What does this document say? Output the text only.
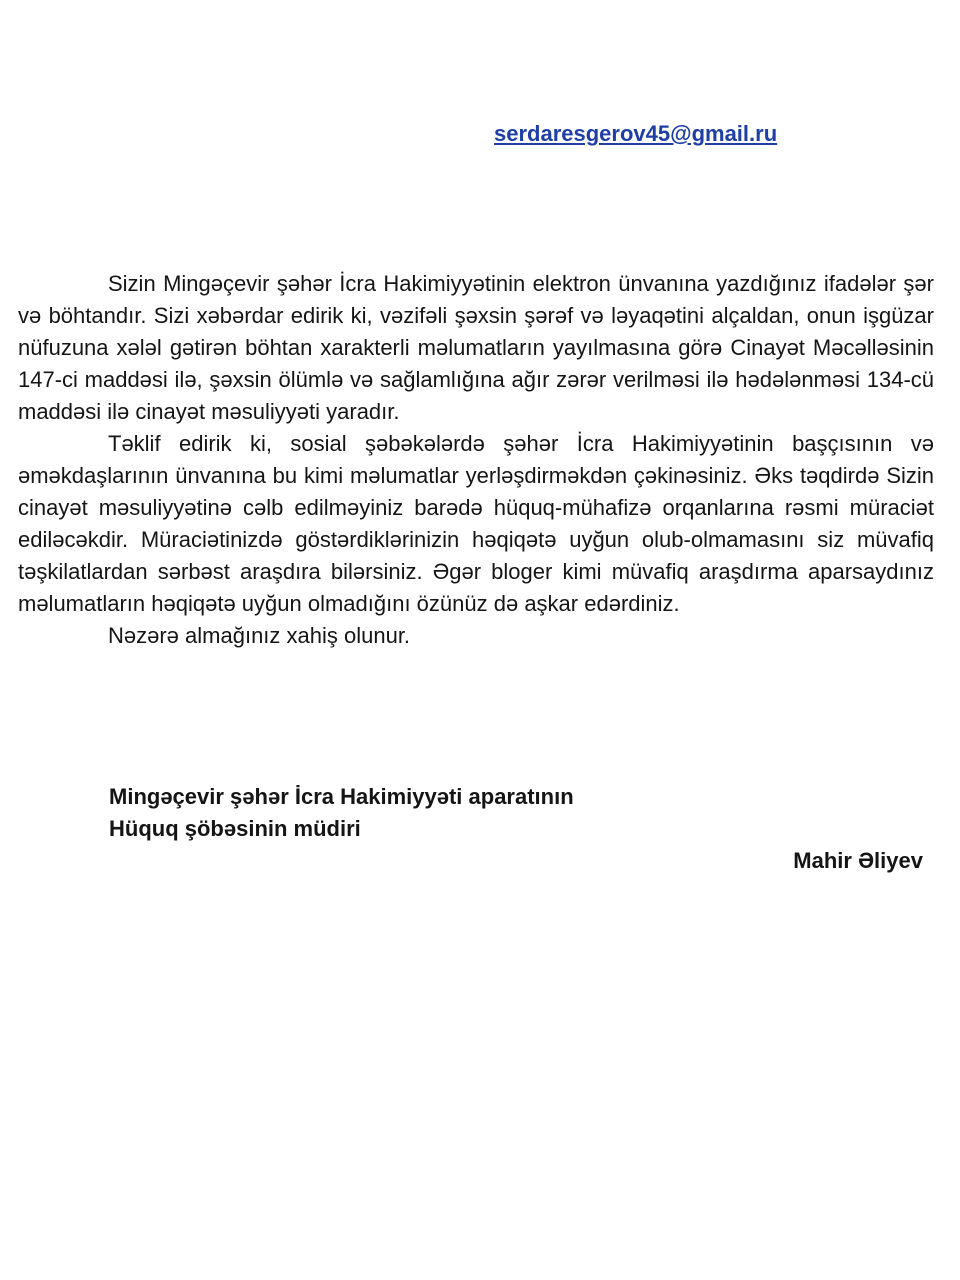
serdaresgerov45@gmail.ru

Sizin Mingəçevir şəhər İcra Hakimiyyətinin elektron ünvanına yazdığınız ifadələr şər və böhtandır. Sizi xəbərdar edirik ki, vəzifəli şəxsin şərəf və ləyaqətini alçaldan, onun işgüzar nüfuzuna xələl gətirən böhtan xarakterli məlumatların yayılmasına görə Cinayət Məcəlləsinin 147-ci maddəsi ilə, şəxsin ölümlə və sağlamlığına ağır zərər verilməsi ilə hədələnməsi 134-cü maddəsi ilə cinayət məsuliyyəti yaradır.

Təklif edirik ki, sosial şəbəkələrdə şəhər İcra Hakimiyyətinin başçısının və əməkdaşlarının ünvanına bu kimi məlumatlar yerləşdirməkdən çəkinəsiniz. Əks təqdirdə Sizin cinayət məsuliyyətinə cəlb edilməyiniz barədə hüquq-mühafizə orqanlarına rəsmi müraciət ediləcəkdir. Müraciətinizdə göstərdiklərinizin həqiqətə uyğun olub-olmamasını siz müvafiq təşkilatlardan sərbəst araşdıra bilərsiniz. Əgər bloger kimi müvafiq araşdırma aparsaydınız məlumatların həqiqətə uyğun olmadığını özünüz də aşkar edərdiniz.

Nəzərə almağınız xahiş olunur.

Mingəçevir şəhər İcra Hakimiyyəti aparatının
Hüquq şöbəsinin müdiri
Mahir Əliyev
